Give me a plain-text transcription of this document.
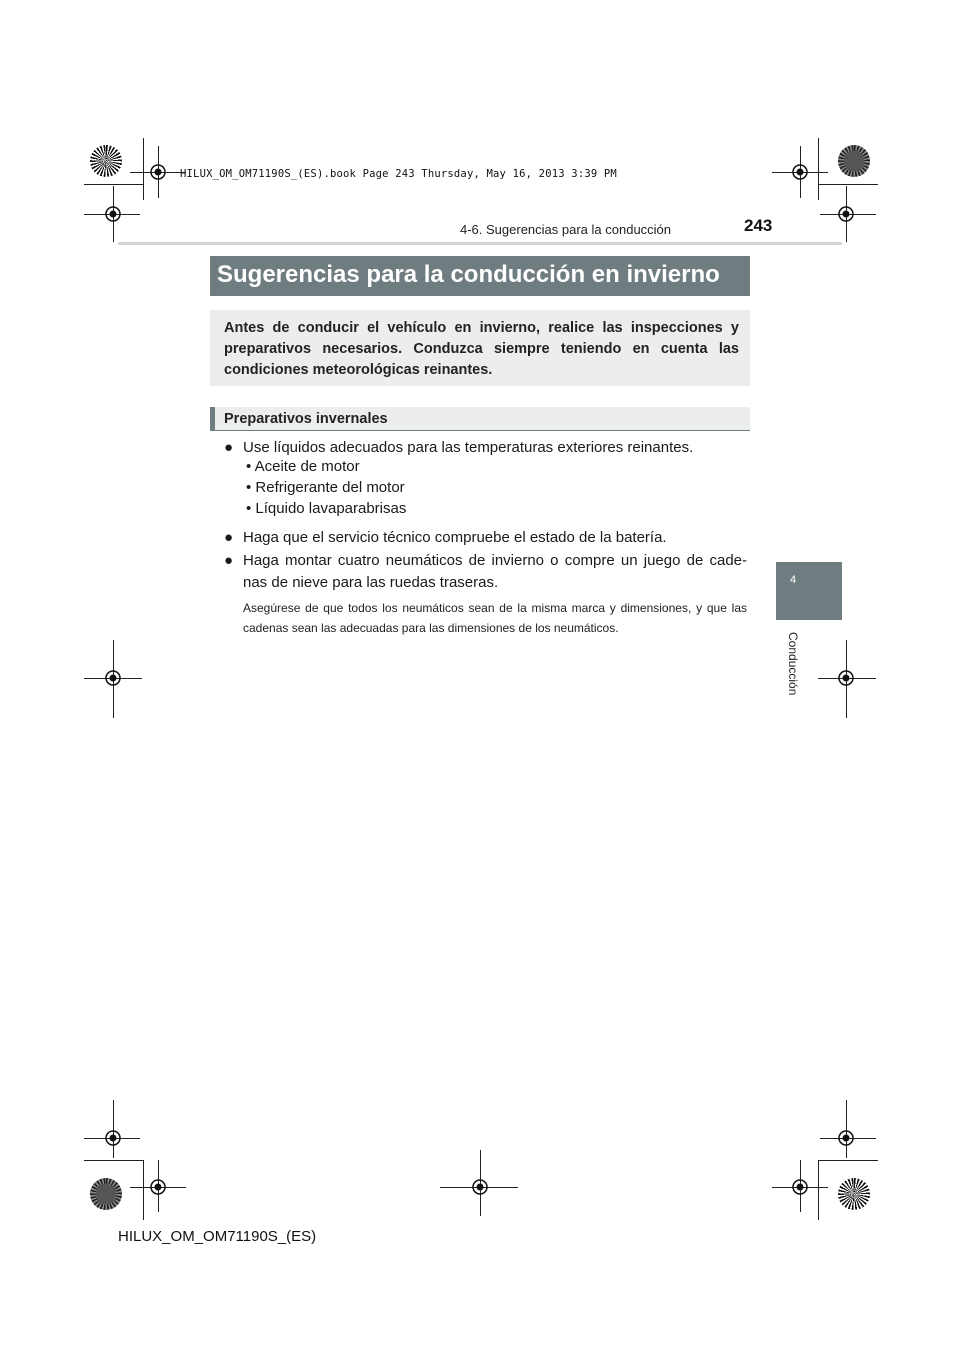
HILUX_OM_OM71190S_(ES).book Page 243 Thursday, May 16, 2013 3:39 PM
4-6. Sugerencias para la conducción	243
4
Conducción
Sugerencias para la conducción en invierno
Antes de conducir el vehículo en invierno, realice las inspecciones y preparativos necesarios. Conduzca siempre teniendo en cuenta las condiciones meteorológicas reinantes.
Preparativos invernales
● Use líquidos adecuados para las temperaturas exteriores reinantes.
• Aceite de motor
• Refrigerante del motor
• Líquido lavaparabrisas
● Haga que el servicio técnico compruebe el estado de la batería.
● Haga montar cuatro neumáticos de invierno o compre un juego de cade-nas de nieve para las ruedas traseras.
Asegúrese de que todos los neumáticos sean de la misma marca y dimensiones, y que las cadenas sean las adecuadas para las dimensiones de los neumáticos.
HILUX_OM_OM71190S_(ES)
